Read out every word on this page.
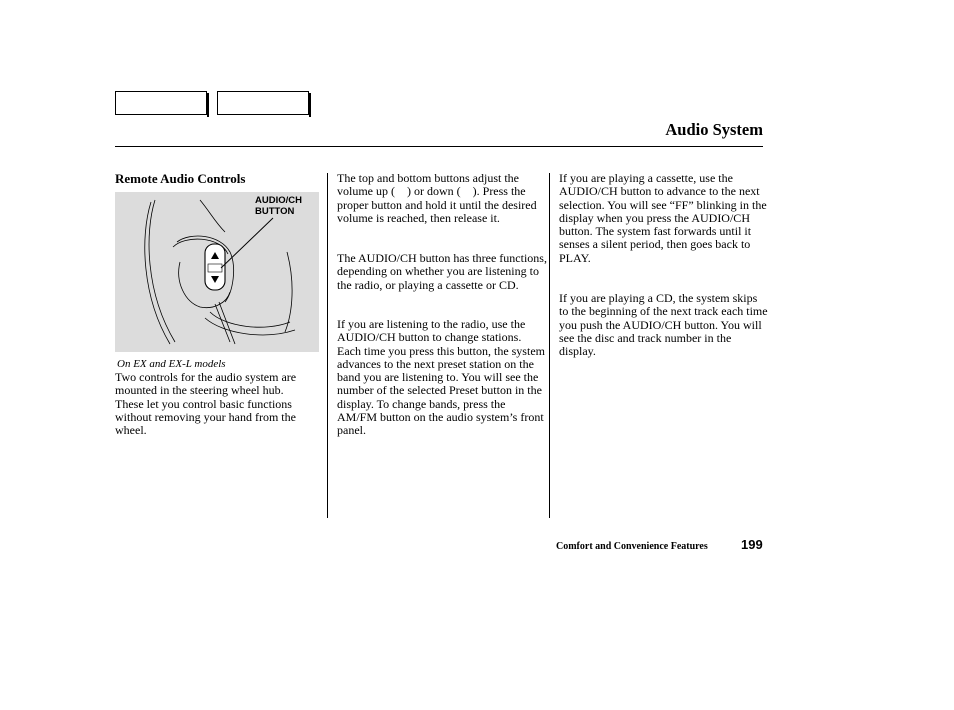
Audio System
Remote Audio Controls
AUDIO/CH
BUTTON

On EX and EX-L models

Two controls for the audio system are mounted in the steering wheel hub. These let you control basic functions without removing your hand from the wheel.

The top and bottom buttons adjust the volume up (    ) or down (    ). Press the proper button and hold it until the desired volume is reached, then release it.

The AUDIO/CH button has three functions, depending on whether you are listening to the radio, or playing a cassette or CD.

If you are listening to the radio, use the AUDIO/CH button to change stations. Each time you press this button, the system advances to the next preset station on the band you are listening to. You will see the number of the selected Preset button in the display. To change bands, press the AM/FM button on the audio system’s front panel.

If you are playing a cassette, use the AUDIO/CH button to advance to the next selection. You will see “FF” blinking in the display when you press the AUDIO/CH button. The system fast forwards until it senses a silent period, then goes back to PLAY.

If you are playing a CD, the system skips to the beginning of the next track each time you push the AUDIO/CH button. You will see the disc and track number in the display.

Comfort and Convenience Features	199
